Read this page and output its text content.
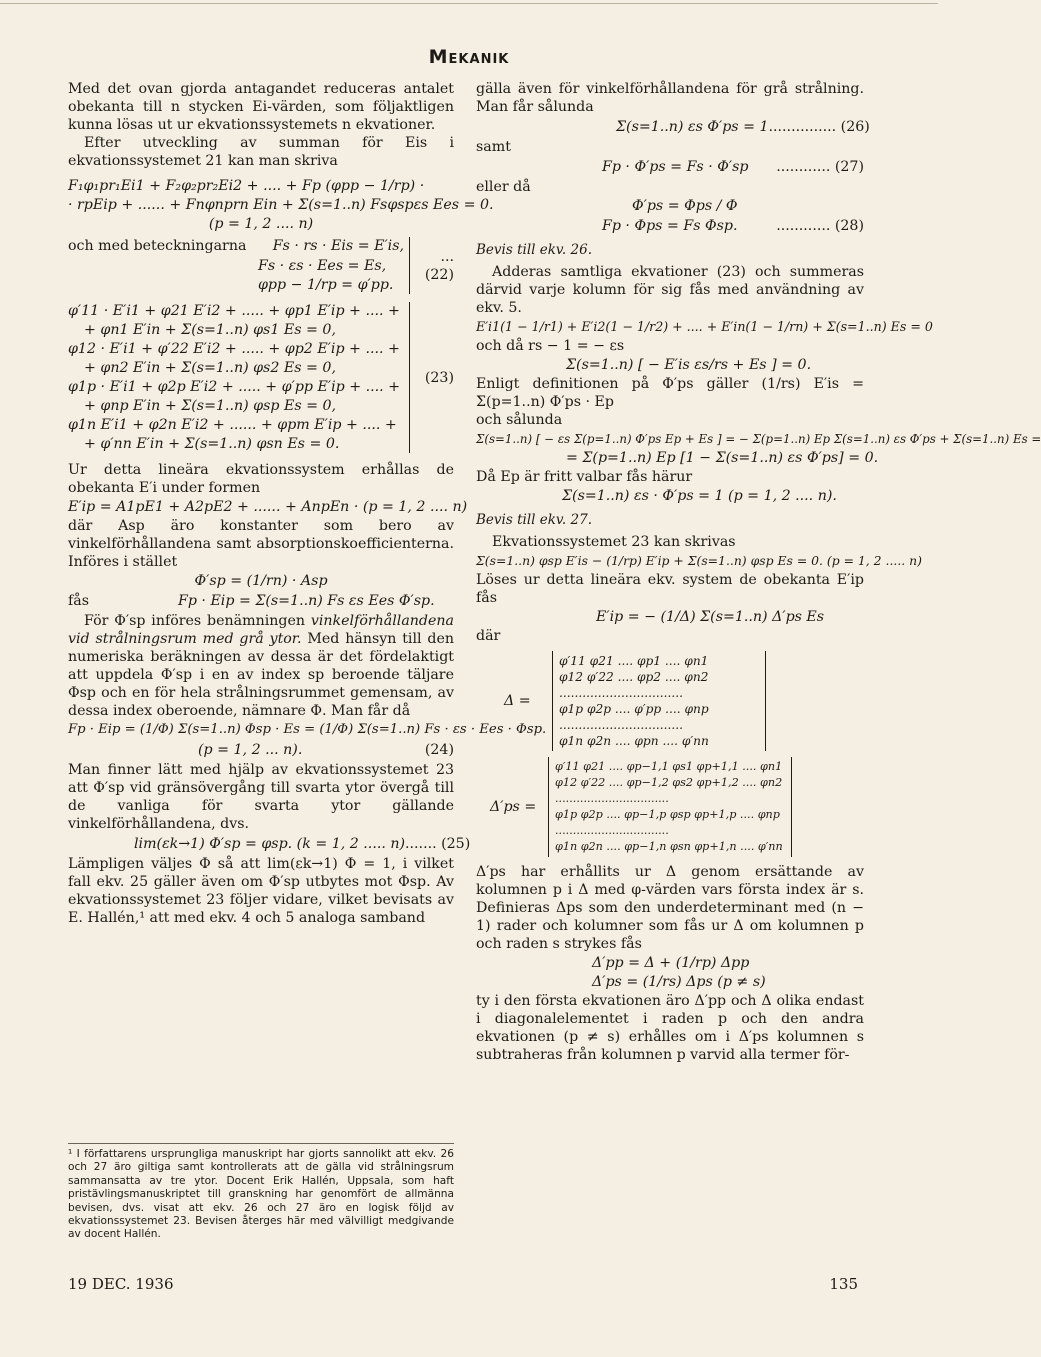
Mekanik

Med det ovan gjorda antagandet reduceras antalet obekanta till n stycken Ei-värden, som följaktligen kunna lösas ut ur ekvationssystemets n ekvationer.

Efter utveckling av summan för Eis i ekvationssystemet 21 kan man skriva

F₁φ₁pr₁Ei1 + F₂φ₂pr₂Ei2 + .... + Fp (φpp − 1/rp) ·
· rpEip + ...... + Fnφnprn Ein + Σ(s=1..n) Fsφspεs Ees = 0.
(p = 1, 2 .... n)
och med beteckningarna Fs · rs · Eis = E′is,
Fs · εs · Ees = Es,
φpp − 1/rp = φ′pp.
... (22)
φ′11 · E′i1 + φ21 E′i2 + ..... + φp1 E′ip + .... +
+ φn1 E′in + Σ(s=1..n) φs1 Es = 0,
φ12 · E′i1 + φ′22 E′i2 + ..... + φp2 E′ip + .... +
+ φn2 E′in + Σ(s=1..n) φs2 Es = 0,
φ1p · E′i1 + φ2p E′i2 + ..... + φ′pp E′ip + .... +
+ φnp E′in + Σ(s=1..n) φsp Es = 0,
φ1n E′i1 + φ2n E′i2 + ...... + φpm E′ip + .... +
+ φ′nn E′in + Σ(s=1..n) φsn Es = 0.
(23)

Ur detta lineära ekvationssystem erhållas de obekanta E′i under formen

E′ip = A1pE1 + A2pE2 + ...... + AnpEn · (p = 1, 2 .... n)

där Asp äro konstanter som bero av vinkelförhållandena samt absorptionskoefficienterna. Införes i stället

Φ′sp = (1/rn) · Asp
fås	Fp · Eip = Σ(s=1..n) Fs εs Ees Φ′sp.

För Φ′sp införes benämningen vinkelförhållandena vid strålningsrum med grå ytor. Med hänsyn till den numeriska beräkningen av dessa är det fördelaktigt att uppdela Φ′sp i en av index sp beroende täljare Φsp och en för hela strålningsrummet gemensam, av dessa index oberoende, nämnare Φ. Man får då

Fp · Eip = (1/Φ) Σ(s=1..n) Φsp · Es = (1/Φ) Σ(s=1..n) Fs · εs · Ees · Φsp.
(p = 1, 2 ... n).	(24)

Man finner lätt med hjälp av ekvationssystemet 23 att Φ′sp vid gränsövergång till svarta ytor övergå till de vanliga för svarta ytor gällande vinkelförhållandena, dvs.

lim(εk→1) Φ′sp = φsp. (k = 1, 2 ..... n) ....... (25)

Lämpligen väljes Φ så att lim(εk→1) Φ = 1, i vilket fall ekv. 25 gäller även om Φ′sp utbytes mot Φsp. Av ekvationssystemet 23 följer vidare, vilket bevisats av E. Hallén,¹ att med ekv. 4 och 5 analoga samband

¹ I författarens ursprungliga manuskript har gjorts sannolikt att ekv. 26 och 27 äro giltiga samt kontrollerats att de gälla vid strålningsrum sammansatta av tre ytor. Docent Erik Hallén, Uppsala, som haft pristävlingsmanuskriptet till granskning har genomfört de allmänna bevisen, dvs. visat att ekv. 26 och 27 äro en logisk följd av ekvationssystemet 23. Bevisen återges här med välvilligt medgivande av docent Hallén.

gälla även för vinkelförhållandena för grå strålning. Man får sålunda

Σ(s=1..n) εs Φ′ps = 1 ............... (26)
samt
Fp · Φ′ps = Fs · Φ′sp ............ (27)
eller då
Φ′ps = Φps / Φ
Fp · Φps = Fs Φsp.	............ (28)
Bevis till ekv. 26.

Adderas samtliga ekvationer (23) och summeras därvid varje kolumn för sig fås med användning av ekv. 5.

E′i1(1 − 1/r1) + E′i2(1 − 1/r2) + .... + E′in(1 − 1/rn) + Σ(s=1..n) Es = 0
och då rs − 1 = − εs
Σ(s=1..n) [ − E′is εs/rs + Es ] = 0.

Enligt definitionen på Φ′ps gäller (1/rs) E′is = Σ(p=1..n) Φ′ps · Ep

och sålunda
Σ(s=1..n) [ − εs Σ(p=1..n) Φ′ps Ep + Es ] = − Σ(p=1..n) Ep Σ(s=1..n) εs Φ′ps + Σ(s=1..n) Es =
= Σ(p=1..n) Ep [1 − Σ(s=1..n) εs Φ′ps] = 0.

Då Ep är fritt valbar fås härur

Σ(s=1..n) εs · Φ′ps = 1 (p = 1, 2 .... n).
Bevis till ekv. 27.

Ekvationssystemet 23 kan skrivas

Σ(s=1..n) φsp E′is − (1/rp) E′ip + Σ(s=1..n) φsp Es = 0. (p = 1, 2 ..... n)

Löses ur detta lineära ekv. system de obekanta E′ip fås

E′ip = − (1/Δ) Σ(s=1..n) Δ′ps Es
där
Δ =
φ′11 φ21 .... φp1 .... φn1
φ12 φ′22 .... φp2 .... φn2
................................
φ1p φ2p .... φ′pp .... φnp
................................
φ1n φ2n .... φpn .... φ′nn
Δ′ps =
φ′11 φ21 .... φp−1,1 φs1 φp+1,1 .... φn1
φ12 φ′22 .... φp−1,2 φs2 φp+1,2 .... φn2
................................
φ1p φ2p .... φp−1,p φsp φp+1,p .... φnp
................................
φ1n φ2n .... φp−1,n φsn φp+1,n .... φ′nn

Δ′ps har erhållits ur Δ genom ersättande av kolumnen p i Δ med φ-värden vars första index är s. Definieras Δps som den underdeterminant med (n − 1) rader och kolumner som fås ur Δ om kolumnen p och raden s strykes fås

Δ′pp = Δ + (1/rp) Δpp
Δ′ps = (1/rs) Δps (p ≠ s)

ty i den första ekvationen äro Δ′pp och Δ olika endast i diagonalelementet i raden p och den andra ekvationen (p ≠ s) erhålles om i Δ′ps kolumnen s subtraheras från kolumnen p varvid alla termer för-

19 DEC. 1936	135
